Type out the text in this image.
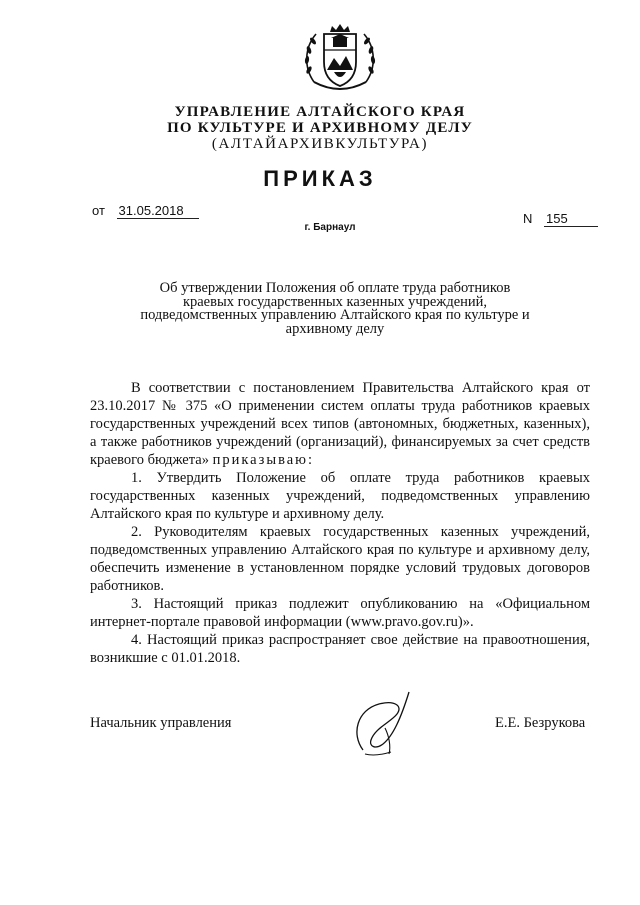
УПРАВЛЕНИЕ АЛТАЙСКОГО КРАЯ
ПО КУЛЬТУРЕ И АРХИВНОМУ ДЕЛУ
(АЛТАЙАРХИВКУЛЬТУРА)
ПРИКАЗ
от 31.05.2018
N 155
г. Барнаул
Об утверждении Положения об оплате труда работников
краевых государственных казенных учреждений,
подведомственных управлению Алтайского края по культуре и
архивному делу

В соответствии с постановлением Правительства Алтайского края от 23.10.2017 № 375 «О применении систем оплаты труда работников краевых государственных учреждений всех типов (автономных, бюджетных, казенных), а также работников учреждений (организаций), финансируемых за счет средств краевого бюджета» приказываю:

1. Утвердить Положение об оплате труда работников краевых государственных казенных учреждений, подведомственных управлению Алтайского края по культуре и архивному делу.

2. Руководителям краевых государственных казенных учреждений, подведомственных управлению Алтайского края по культуре и архивному делу, обеспечить изменение в установленном порядке условий трудовых договоров работников.

3. Настоящий приказ подлежит опубликованию на «Официальном интернет-портале правовой информации (www.pravo.gov.ru)».

4. Настоящий приказ распространяет свое действие на правоотношения, возникшие с 01.01.2018.

Начальник управления	Е.Е. Безрукова
